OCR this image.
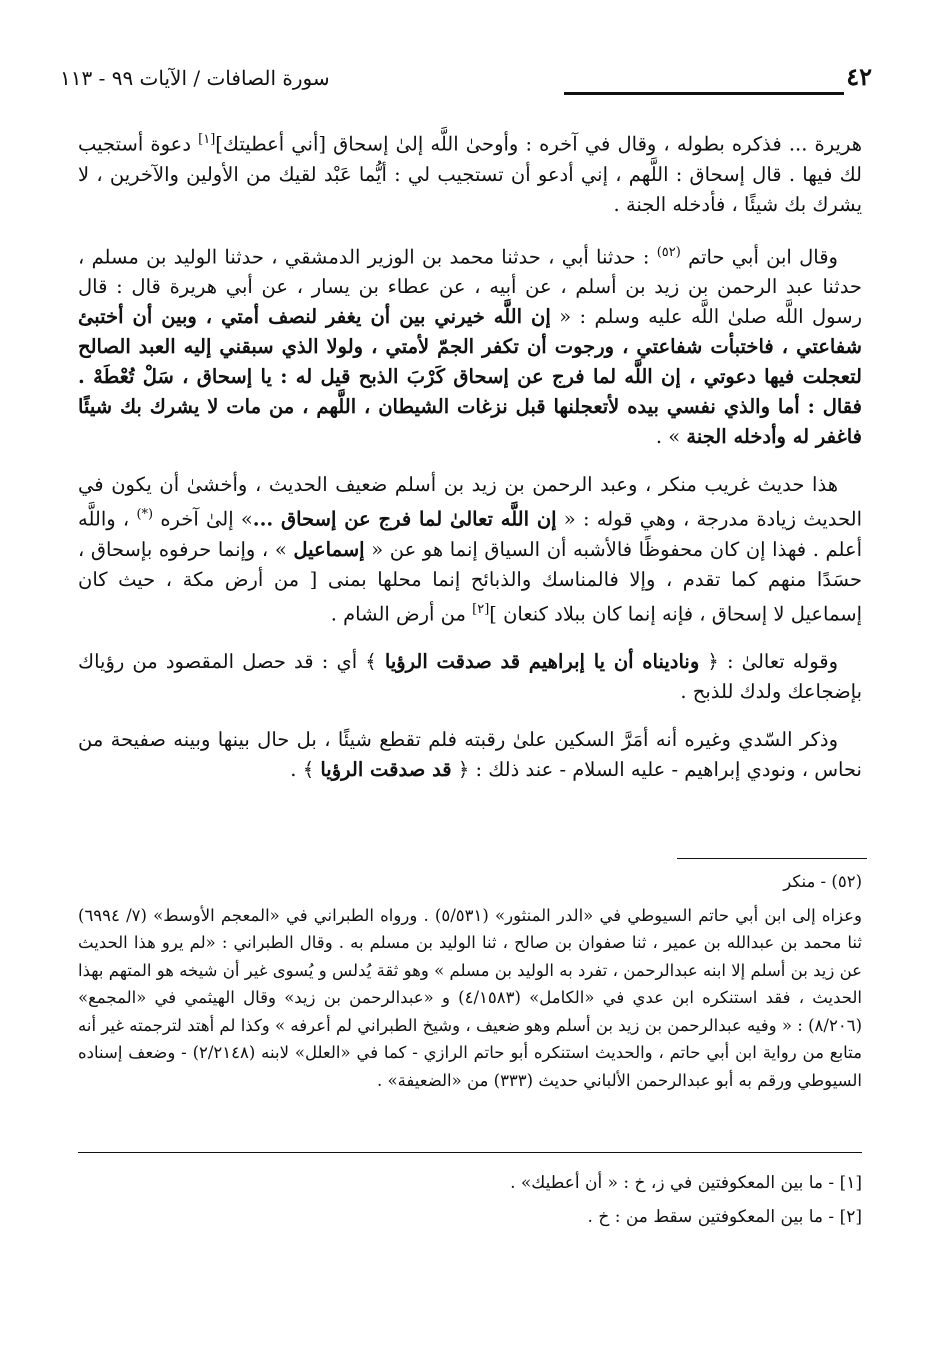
٤٢
سورة الصافات / الآيات ٩٩ - ١١٣

هريرة ... فذكره بطوله ، وقال في آخره : وأوحىٰ اللَّه إلىٰ إسحاق [أني أعطيتك][١] دعوة أستجيب لك فيها . قال إسحاق : اللَّهم ، إني أدعو أن تستجيب لي : أيُّما عَبْد لقيك من الأولين والآخرين ، لا يشرك بك شيئًا ، فأدخله الجنة .

وقال ابن أبي حاتم $^{(٥٢)}$ : حدثنا أبي ، حدثنا محمد بن الوزير الدمشقي ، حدثنا الوليد بن مسلم ، حدثنا عبد الرحمن بن زيد بن أسلم ، عن أبيه ، عن عطاء بن يسار ، عن أبي هريرة قال : قال رسول اللَّه صلىٰ اللَّه عليه وسلم : « إن اللَّه خيرني بين أن يغفر لنصف أمتي ، وبين أن أختبئ شفاعتي ، فاختبأت شفاعتي ، ورجوت أن تكفر الجمّ لأمتي ، ولولا الذي سبقني إليه العبد الصالح لتعجلت فيها دعوتي ، إن اللَّه لما فرج عن إسحاق كَرْبَ الذبح قيل له : يا إسحاق ، سَلْ تُعْطَهْ . فقال : أما والذي نفسي بيده لأتعجلنها قبل نزغات الشيطان ، اللَّهم ، من مات لا يشرك بك شيئًا فاغفر له وأدخله الجنة » .

هذا حديث غريب منكر ، وعبد الرحمن بن زيد بن أسلم ضعيف الحديث ، وأخشىٰ أن يكون في الحديث زيادة مدرجة ، وهي قوله : « إن اللَّه تعالىٰ لما فرج عن إسحاق ...» إلىٰ آخره (*) ، واللَّه أعلم . فهذا إن كان محفوظًا فالأشبه أن السياق إنما هو عن « إسماعيل » ، وإنما حرفوه بإسحاق ، حسَدًا منهم كما تقدم ، وإلا فالمناسك والذبائح إنما محلها بمنى [ من أرض مكة ، حيث كان إسماعيل لا إسحاق ، فإنه إنما كان ببلاد كنعان ][٢] من أرض الشام .

وقوله تعالىٰ : ﴿ وناديناه أن يا إبراهيم قد صدقت الرؤيا ﴾ أي : قد حصل المقصود من رؤياك بإضجاعك ولدك للذبح .

وذكر السّدي وغيره أنه أمَرَّ السكين علىٰ رقبته فلم تقطع شيئًا ، بل حال بينها وبينه صفيحة من نحاس ، ونودي إبراهيم - عليه السلام - عند ذلك : ﴿ قد صدقت الرؤيا ﴾ .

(٥٢) - منكر

وعزاه إلى ابن أبي حاتم السيوطي في «الدر المنثور» (٥/٥٣١) . ورواه الطبراني في «المعجم الأوسط» (٧/ ٦٩٩٤) ثنا محمد بن عبدالله بن عمير ، ثنا صفوان بن صالح ، ثنا الوليد بن مسلم به . وقال الطبراني : «لم يرو هذا الحديث عن زيد بن أسلم إلا ابنه عبدالرحمن ، تفرد به الوليد بن مسلم » وهو ثقة يُدلس و يُسوى غير أن شيخه هو المتهم بهذا الحديث ، فقد استنكره ابن عدي في «الكامل» (٤/١٥٨٣) و «عبدالرحمن بن زيد» وقال الهيثمي في «المجمع» (٨/٢٠٦) : « وفيه عبدالرحمن بن زيد بن أسلم وهو ضعيف ، وشيخ الطبراني لم أعرفه » وكذا لم أهتد لترجمته غير أنه متابع من رواية ابن أبي حاتم ، والحديث استنكره أبو حاتم الرازي - كما في «العلل» لابنه (٢/٢١٤٨) - وضعف إسناده السيوطي ورقم به أبو عبدالرحمن الألباني حديث (٣٣٣) من «الضعيفة» .

[١] - ما بين المعكوفتين في ز، خ : « أن أعطيك» .
[٢] - ما بين المعكوفتين سقط من : خ .
